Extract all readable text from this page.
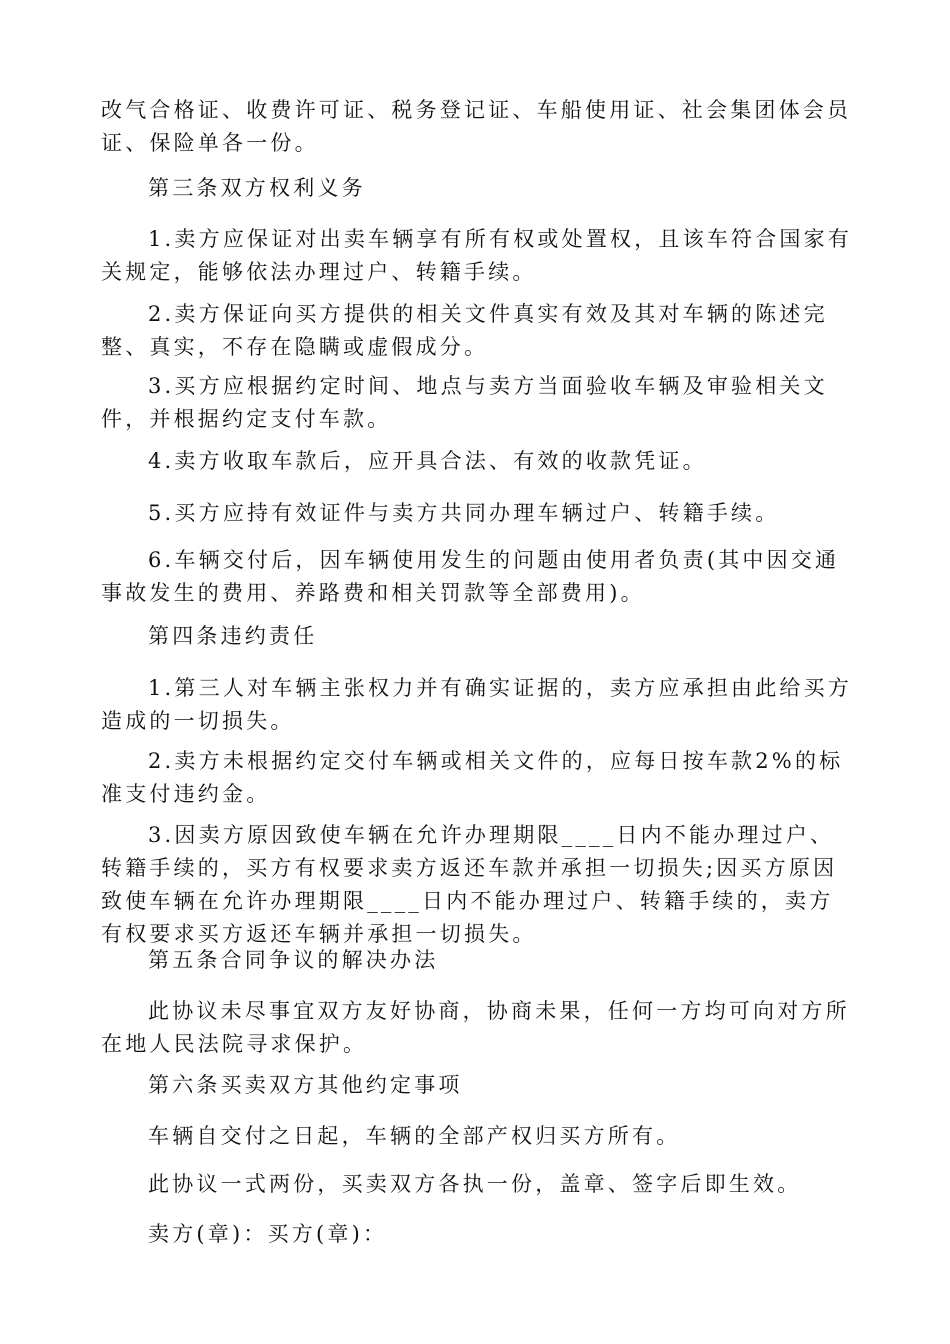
改气合格证、收费许可证、税务登记证、车船使用证、社会集团体会员证、保险单各一份。

第三条双方权利义务

1.卖方应保证对出卖车辆享有所有权或处置权，且该车符合国家有关规定，能够依法办理过户、转籍手续。

2.卖方保证向买方提供的相关文件真实有效及其对车辆的陈述完整、真实，不存在隐瞒或虚假成分。

3.买方应根据约定时间、地点与卖方当面验收车辆及审验相关文件，并根据约定支付车款。

4.卖方收取车款后，应开具合法、有效的收款凭证。

5.买方应持有效证件与卖方共同办理车辆过户、转籍手续。

6.车辆交付后，因车辆使用发生的问题由使用者负责(其中因交通事故发生的费用、养路费和相关罚款等全部费用)。

第四条违约责任

1.第三人对车辆主张权力并有确实证据的，卖方应承担由此给买方造成的一切损失。

2.卖方未根据约定交付车辆或相关文件的，应每日按车款2%的标准支付违约金。

3.因卖方原因致使车辆在允许办理期限____日内不能办理过户、转籍手续的，买方有权要求卖方返还车款并承担一切损失;因买方原因致使车辆在允许办理期限____日内不能办理过户、转籍手续的，卖方有权要求买方返还车辆并承担一切损失。

第五条合同争议的解决办法

此协议未尽事宜双方友好协商，协商未果，任何一方均可向对方所在地人民法院寻求保护。

第六条买卖双方其他约定事项

车辆自交付之日起，车辆的全部产权归买方所有。

此协议一式两份，买卖双方各执一份，盖章、签字后即生效。

卖方(章)：买方(章)：
